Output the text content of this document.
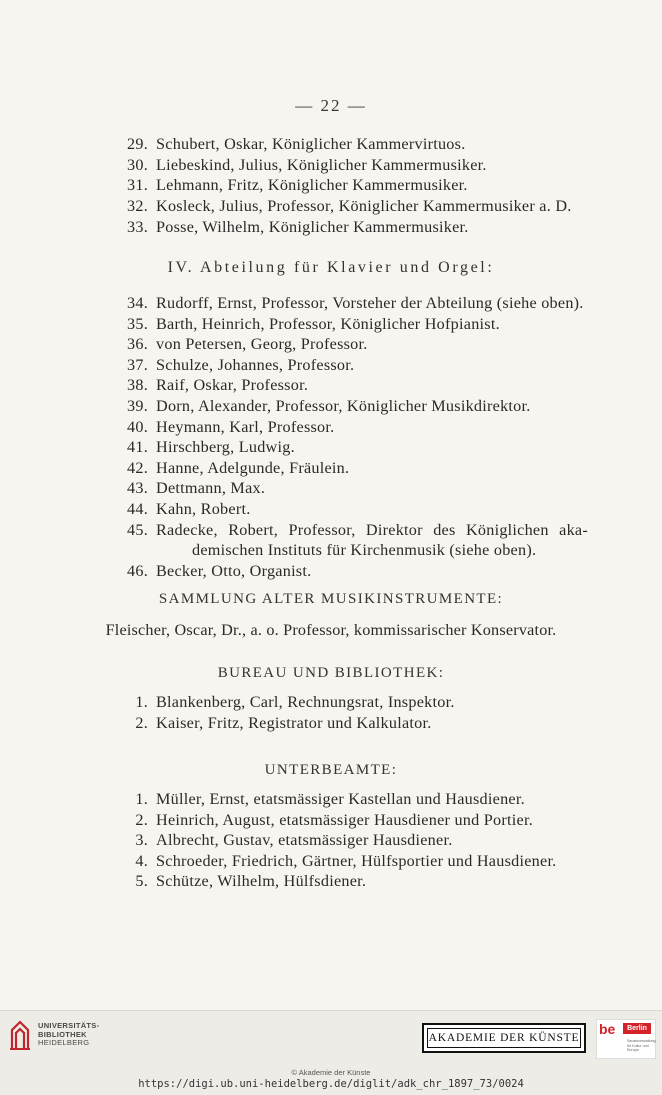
— 22 —
29. Schubert, Oskar, Königlicher Kammervirtuos.
30. Liebeskind, Julius, Königlicher Kammermusiker.
31. Lehmann, Fritz, Königlicher Kammermusiker.
32. Kosleck, Julius, Professor, Königlicher Kammermusiker a. D.
33. Posse, Wilhelm, Königlicher Kammermusiker.
IV. Abteilung für Klavier und Orgel:
34. Rudorff, Ernst, Professor, Vorsteher der Abteilung (siehe oben).
35. Barth, Heinrich, Professor, Königlicher Hofpianist.
36. von Petersen, Georg, Professor.
37. Schulze, Johannes, Professor.
38. Raif, Oskar, Professor.
39. Dorn, Alexander, Professor, Königlicher Musikdirektor.
40. Heymann, Karl, Professor.
41. Hirschberg, Ludwig.
42. Hanne, Adelgunde, Fräulein.
43. Dettmann, Max.
44. Kahn, Robert.
45. Radecke, Robert, Professor, Direktor des Königlichen aka-
demischen Instituts für Kirchenmusik (siehe oben).
46. Becker, Otto, Organist.
SAMMLUNG ALTER MUSIKINSTRUMENTE:
Fleischer, Oscar, Dr., a. o. Professor, kommissarischer Konservator.
BUREAU UND BIBLIOTHEK:
1. Blankenberg, Carl, Rechnungsrat, Inspektor.
2. Kaiser, Fritz, Registrator und Kalkulator.
UNTERBEAMTE:
1. Müller, Ernst, etatsmässiger Kastellan und Hausdiener.
2. Heinrich, August, etatsmässiger Hausdiener und Portier.
3. Albrecht, Gustav, etatsmässiger Hausdiener.
4. Schroeder, Friedrich, Gärtner, Hülfsportier und Hausdiener.
5. Schütze, Wilhelm, Hülfsdiener.
UNIVERSITÄTS-
BIBLIOTHEK
HEIDELBERG	AKADEMIE DER KÜNSTE
be	Berlin
Senatsverwaltung für Kultur und Europa
© Akademie der Künste
https://digi.ub.uni-heidelberg.de/diglit/adk_chr_1897_73/0024
